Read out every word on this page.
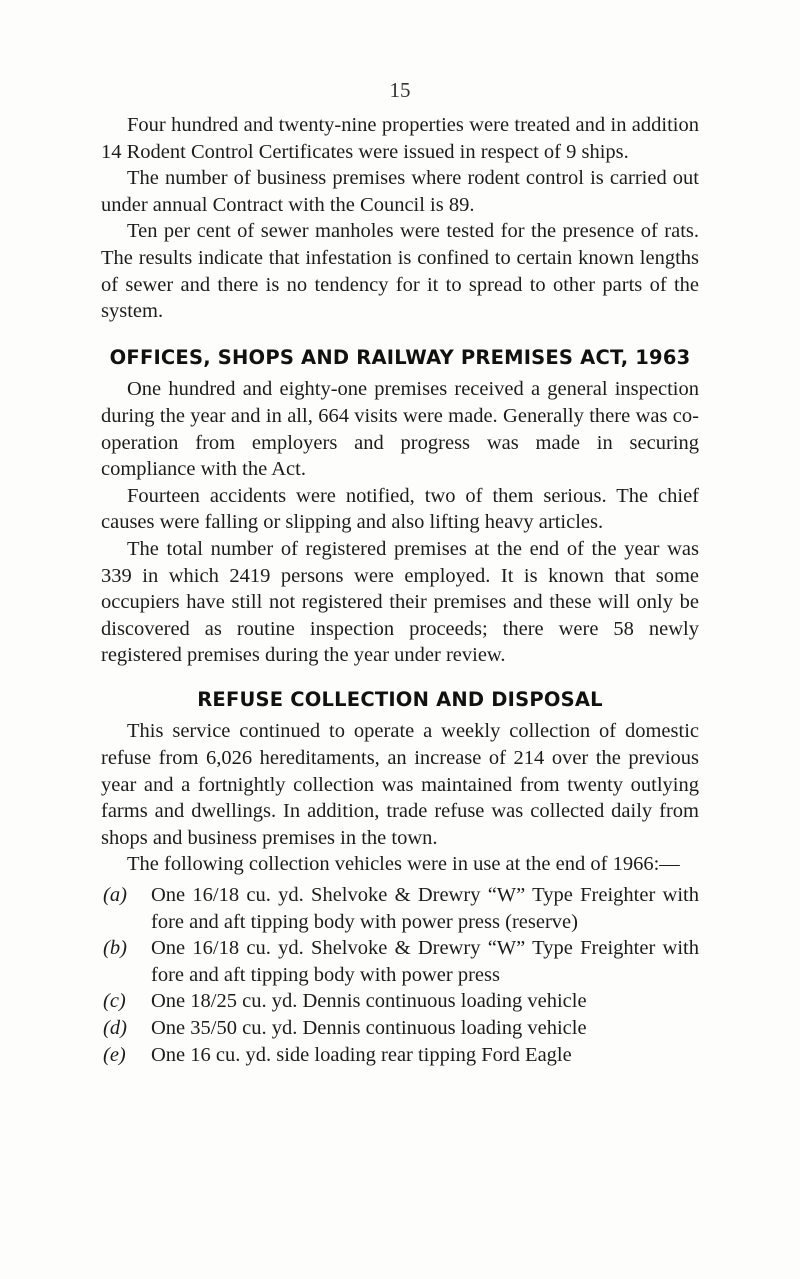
15

Four hundred and twenty-nine properties were treated and in addition 14 Rodent Control Certificates were issued in respect of 9 ships.

The number of business premises where rodent control is carried out under annual Contract with the Council is 89.

Ten per cent of sewer manholes were tested for the presence of rats. The results indicate that infestation is confined to certain known lengths of sewer and there is no tendency for it to spread to other parts of the system.

OFFICES, SHOPS AND RAILWAY PREMISES ACT, 1963

One hundred and eighty-one premises received a general inspection during the year and in all, 664 visits were made. Generally there was co-operation from employers and progress was made in securing compliance with the Act.

Fourteen accidents were notified, two of them serious. The chief causes were falling or slipping and also lifting heavy articles.

The total number of registered premises at the end of the year was 339 in which 2419 persons were employed. It is known that some occupiers have still not registered their premises and these will only be discovered as routine inspection proceeds; there were 58 newly registered premises during the year under review.

REFUSE COLLECTION AND DISPOSAL

This service continued to operate a weekly collection of domestic refuse from 6,026 hereditaments, an increase of 214 over the previous year and a fortnightly collection was maintained from twenty outlying farms and dwellings. In addition, trade refuse was collected daily from shops and business premises in the town.

The following collection vehicles were in use at the end of 1966:—

(a)	One 16/18 cu. yd. Shelvoke & Drewry “W” Type Freighter with fore and aft tipping body with power press (reserve)
(b)	One 16/18 cu. yd. Shelvoke & Drewry “W” Type Freighter with fore and aft tipping body with power press
(c)	One 18/25 cu. yd. Dennis continuous loading vehicle
(d)	One 35/50 cu. yd. Dennis continuous loading vehicle
(e)	One 16 cu. yd. side loading rear tipping Ford Eagle
